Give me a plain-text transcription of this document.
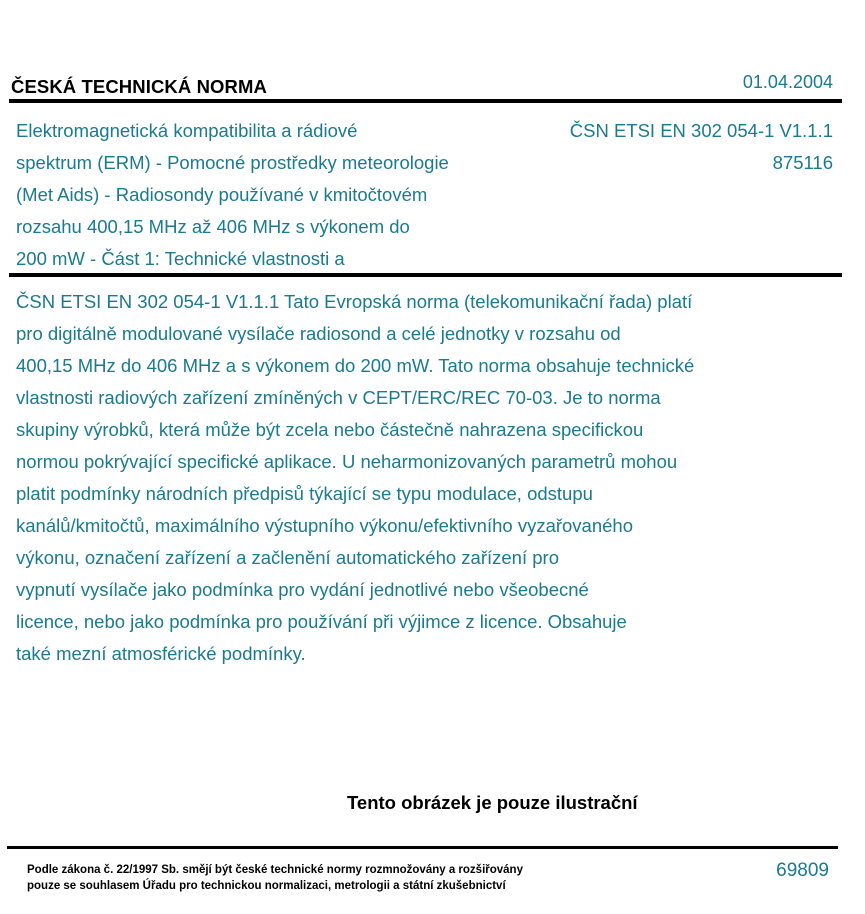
ČESKÁ TECHNICKÁ NORMA	01.04.2004
Elektromagnetická kompatibilita a rádiové
spektrum (ERM) - Pomocné prostředky meteorologie
(Met Aids) - Radiosondy používané v kmitočtovém
rozsahu 400,15 MHz až 406 MHz s výkonem do
200 mW - Část 1: Technické vlastnosti a
ČSN ETSI EN 302 054-1 V1.1.1
875116
ČSN ETSI EN 302 054-1 V1.1.1 Tato Evropská norma (telekomunikační řada) platí
pro digitálně modulované vysílače radiosond a celé jednotky v rozsahu od
400,15 MHz do 406 MHz a s výkonem do 200 mW. Tato norma obsahuje technické
vlastnosti radiových zařízení zmíněných v CEPT/ERC/REC 70-03. Je to norma
skupiny výrobků, která může být zcela nebo částečně nahrazena specifickou
normou pokrývající specifické aplikace. U neharmonizovaných parametrů mohou
platit podmínky národních předpisů týkající se typu modulace, odstupu
kanálů/kmitočtů, maximálního výstupního výkonu/efektivního vyzařovaného
výkonu, označení zařízení a začlenění automatického zařízení pro
vypnutí vysílače jako podmínka pro vydání jednotlivé nebo všeobecné
licence, nebo jako podmínka pro používání při výjimce z licence. Obsahuje
také mezní atmosférické podmínky.
Tento obrázek je pouze ilustrační
Podle zákona č. 22/1997 Sb. smějí být české technické normy rozmnožovány a rozšiřovány
pouze se souhlasem Úřadu pro technickou normalizaci, metrologii a státní zkušebnictví
69809
